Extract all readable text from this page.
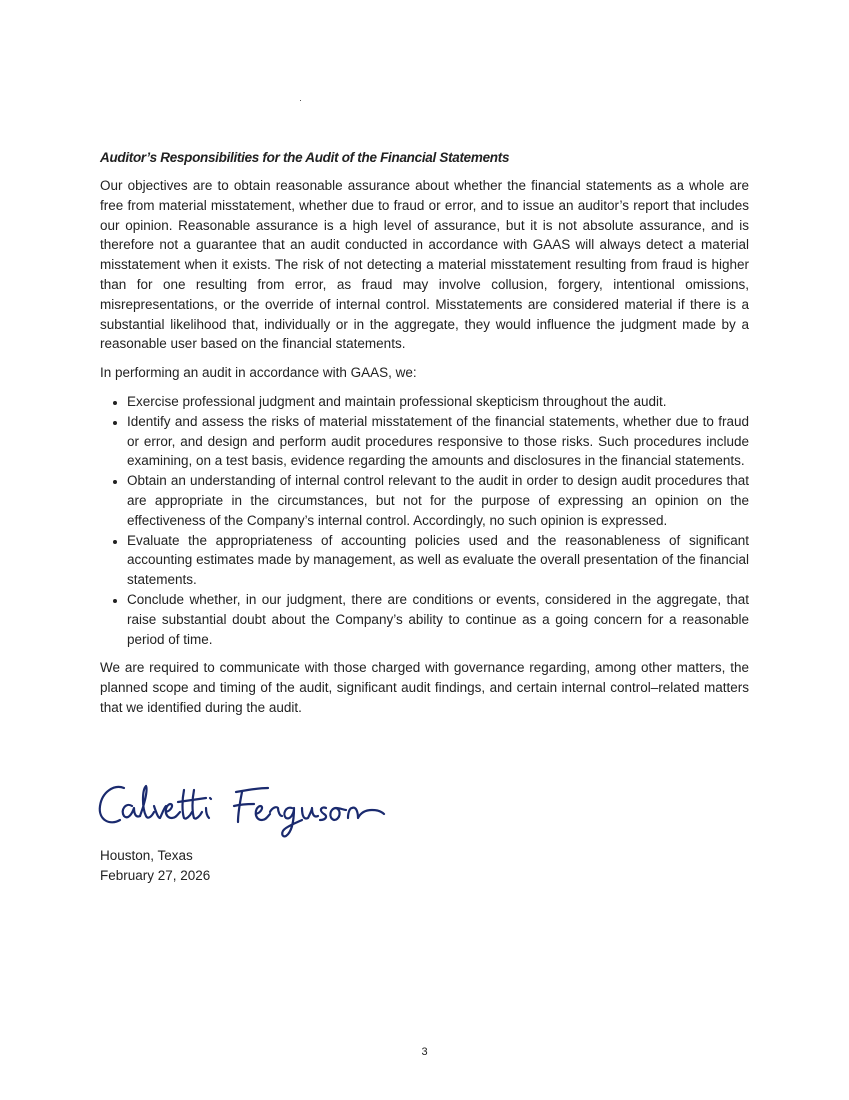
Auditor’s Responsibilities for the Audit of the Financial Statements

Our objectives are to obtain reasonable assurance about whether the financial statements as a whole are free from material misstatement, whether due to fraud or error, and to issue an auditor’s report that includes our opinion. Reasonable assurance is a high level of assurance, but it is not absolute assurance, and is therefore not a guarantee that an audit conducted in accordance with GAAS will always detect a material misstatement when it exists. The risk of not detecting a material misstatement resulting from fraud is higher than for one resulting from error, as fraud may involve collusion, forgery, intentional omissions, misrepresentations, or the override of internal control. Misstatements are considered material if there is a substantial likelihood that, individually or in the aggregate, they would influence the judgment made by a reasonable user based on the financial statements.

In performing an audit in accordance with GAAS, we:

Exercise professional judgment and maintain professional skepticism throughout the audit.
Identify and assess the risks of material misstatement of the financial statements, whether due to fraud or error, and design and perform audit procedures responsive to those risks. Such procedures include examining, on a test basis, evidence regarding the amounts and disclosures in the financial statements.
Obtain an understanding of internal control relevant to the audit in order to design audit procedures that are appropriate in the circumstances, but not for the purpose of expressing an opinion on the effectiveness of the Company’s internal control. Accordingly, no such opinion is expressed.
Evaluate the appropriateness of accounting policies used and the reasonableness of significant accounting estimates made by management, as well as evaluate the overall presentation of the financial statements.
Conclude whether, in our judgment, there are conditions or events, considered in the aggregate, that raise substantial doubt about the Company’s ability to continue as a going concern for a reasonable period of time.

We are required to communicate with those charged with governance regarding, among other matters, the planned scope and timing of the audit, significant audit findings, and certain internal control–related matters that we identified during the audit.

Houston, Texas
February 27, 2026
3
